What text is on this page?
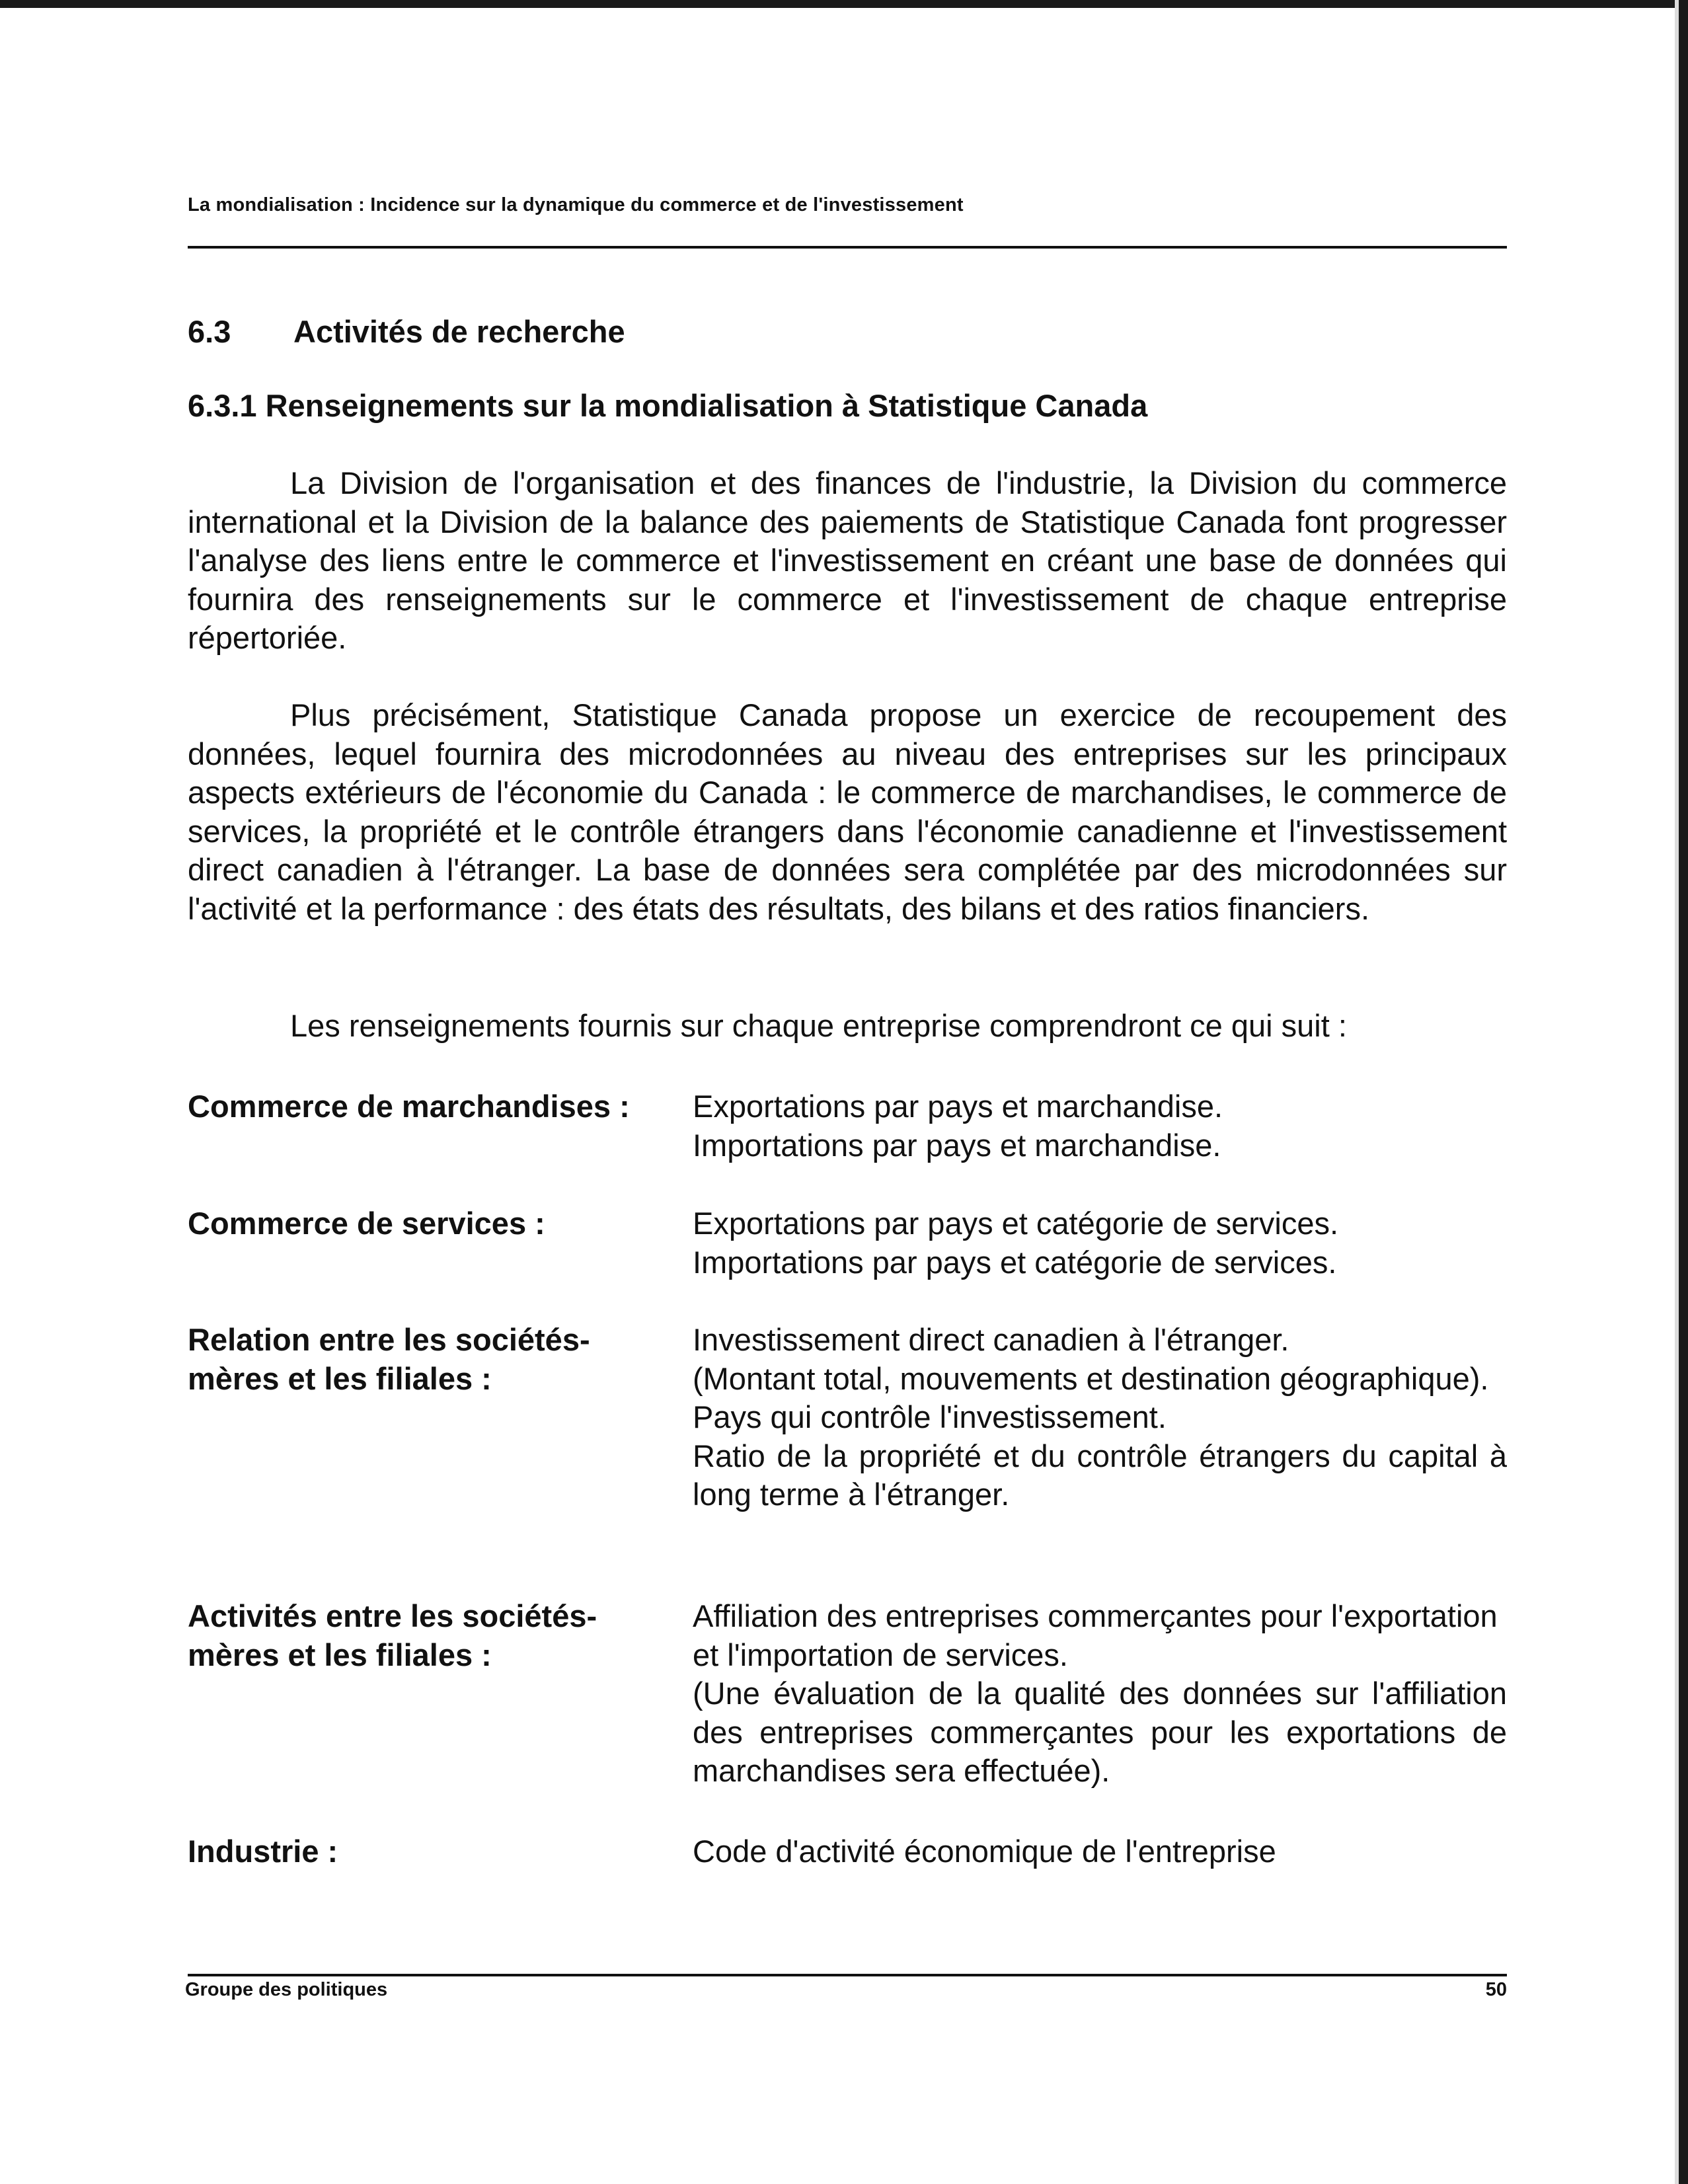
La mondialisation : Incidence sur la dynamique du commerce et de l'investissement
6.3 Activités de recherche
6.3.1 Renseignements sur la mondialisation à Statistique Canada
La Division de l'organisation et des finances de l'industrie, la Division du commerce international et la Division de la balance des paiements de Statistique Canada font progresser l'analyse des liens entre le commerce et l'investissement en créant une base de données qui fournira des renseignements sur le commerce et l'investissement de chaque entreprise répertoriée.
Plus précisément, Statistique Canada propose un exercice de recoupement des données, lequel fournira des microdonnées au niveau des entreprises sur les principaux aspects extérieurs de l'économie du Canada : le commerce de marchandises, le commerce de services, la propriété et le contrôle étrangers dans l'économie canadienne et l'investissement direct canadien à l'étranger. La base de données sera complétée par des microdonnées sur l'activité et la performance : des états des résultats, des bilans et des ratios financiers.
Les renseignements fournis sur chaque entreprise comprendront ce qui suit :
Commerce de marchandises :	Exportations par pays et marchandise.
Importations par pays et marchandise.
Commerce de services :	Exportations par pays et catégorie de services.
Importations par pays et catégorie de services.
Relation entre les sociétés-mères et les filiales :
Investissement direct canadien à l'étranger.
(Montant total, mouvements et destination géographique).
Pays qui contrôle l'investissement.
Ratio de la propriété et du contrôle étrangers du capital à long terme à l'étranger.
Activités entre les sociétés-mères et les filiales :
Affiliation des entreprises commerçantes pour l'exportation et l'importation de services.
(Une évaluation de la qualité des données sur l'affiliation des entreprises commerçantes pour les exportations de marchandises sera effectuée).
Industrie :	Code d'activité économique de l'entreprise
Groupe des politiques	50
